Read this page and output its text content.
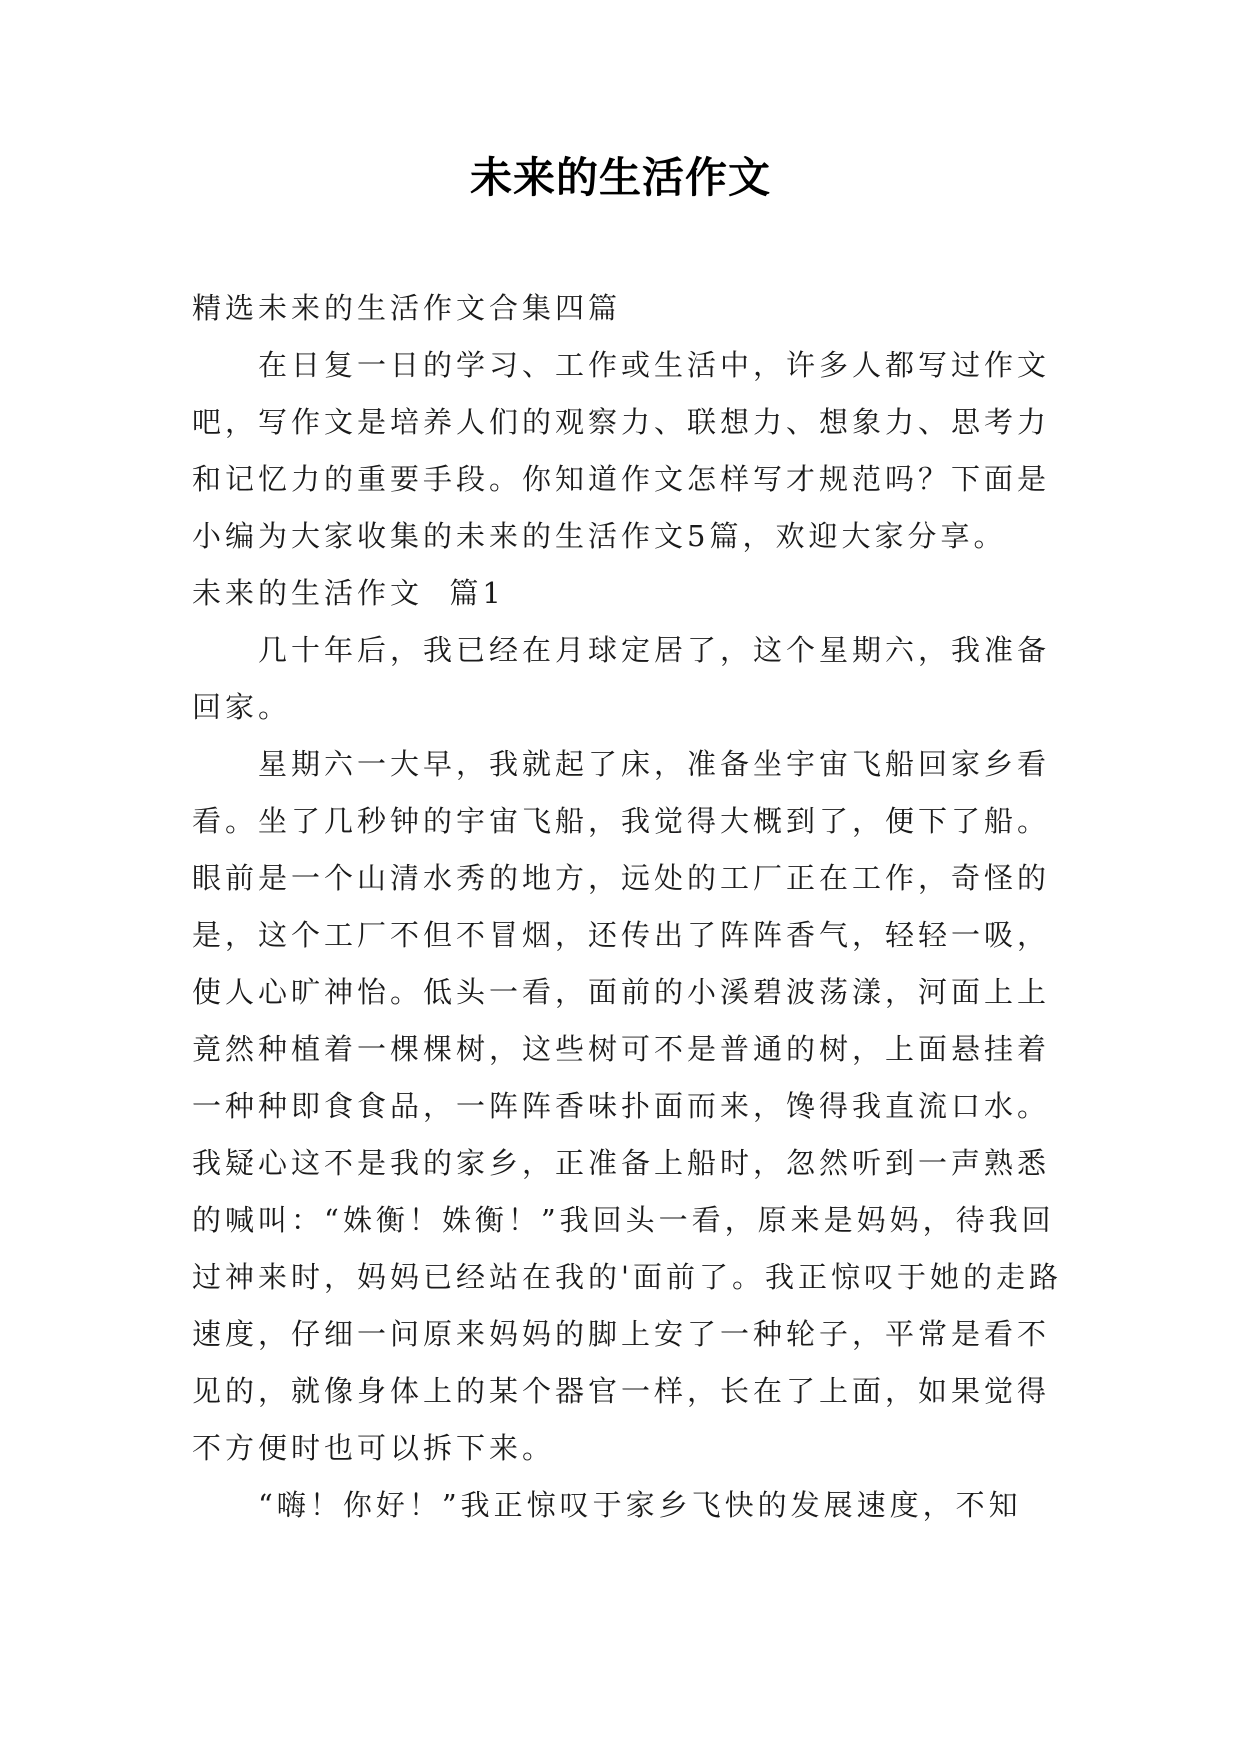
未来的生活作文

精选未来的生活作文合集四篇

在日复一日的学习、工作或生活中，许多人都写过作文吧，写作文是培养人们的观察力、联想力、想象力、思考力和记忆力的重要手段。你知道作文怎样写才规范吗？下面是小编为大家收集的未来的生活作文5篇，欢迎大家分享。

未来的生活作文  篇1

几十年后，我已经在月球定居了，这个星期六，我准备回家。

星期六一大早，我就起了床，准备坐宇宙飞船回家乡看看。坐了几秒钟的宇宙飞船，我觉得大概到了，便下了船。眼前是一个山清水秀的地方，远处的工厂正在工作，奇怪的是，这个工厂不但不冒烟，还传出了阵阵香气，轻轻一吸，使人心旷神怡。低头一看，面前的小溪碧波荡漾，河面上上竟然种植着一棵棵树，这些树可不是普通的树，上面悬挂着一种种即食食品，一阵阵香味扑面而来，馋得我直流口水。我疑心这不是我的家乡，正准备上船时，忽然听到一声熟悉的喊叫：“姝衡！姝衡！”我回头一看，原来是妈妈，待我回过神来时，妈妈已经站在我的'面前了。我正惊叹于她的走路速度，仔细一问原来妈妈的脚上安了一种轮子，平常是看不见的，就像身体上的某个器官一样，长在了上面，如果觉得不方便时也可以拆下来。

“嗨！你好！”我正惊叹于家乡飞快的发展速度，不知
